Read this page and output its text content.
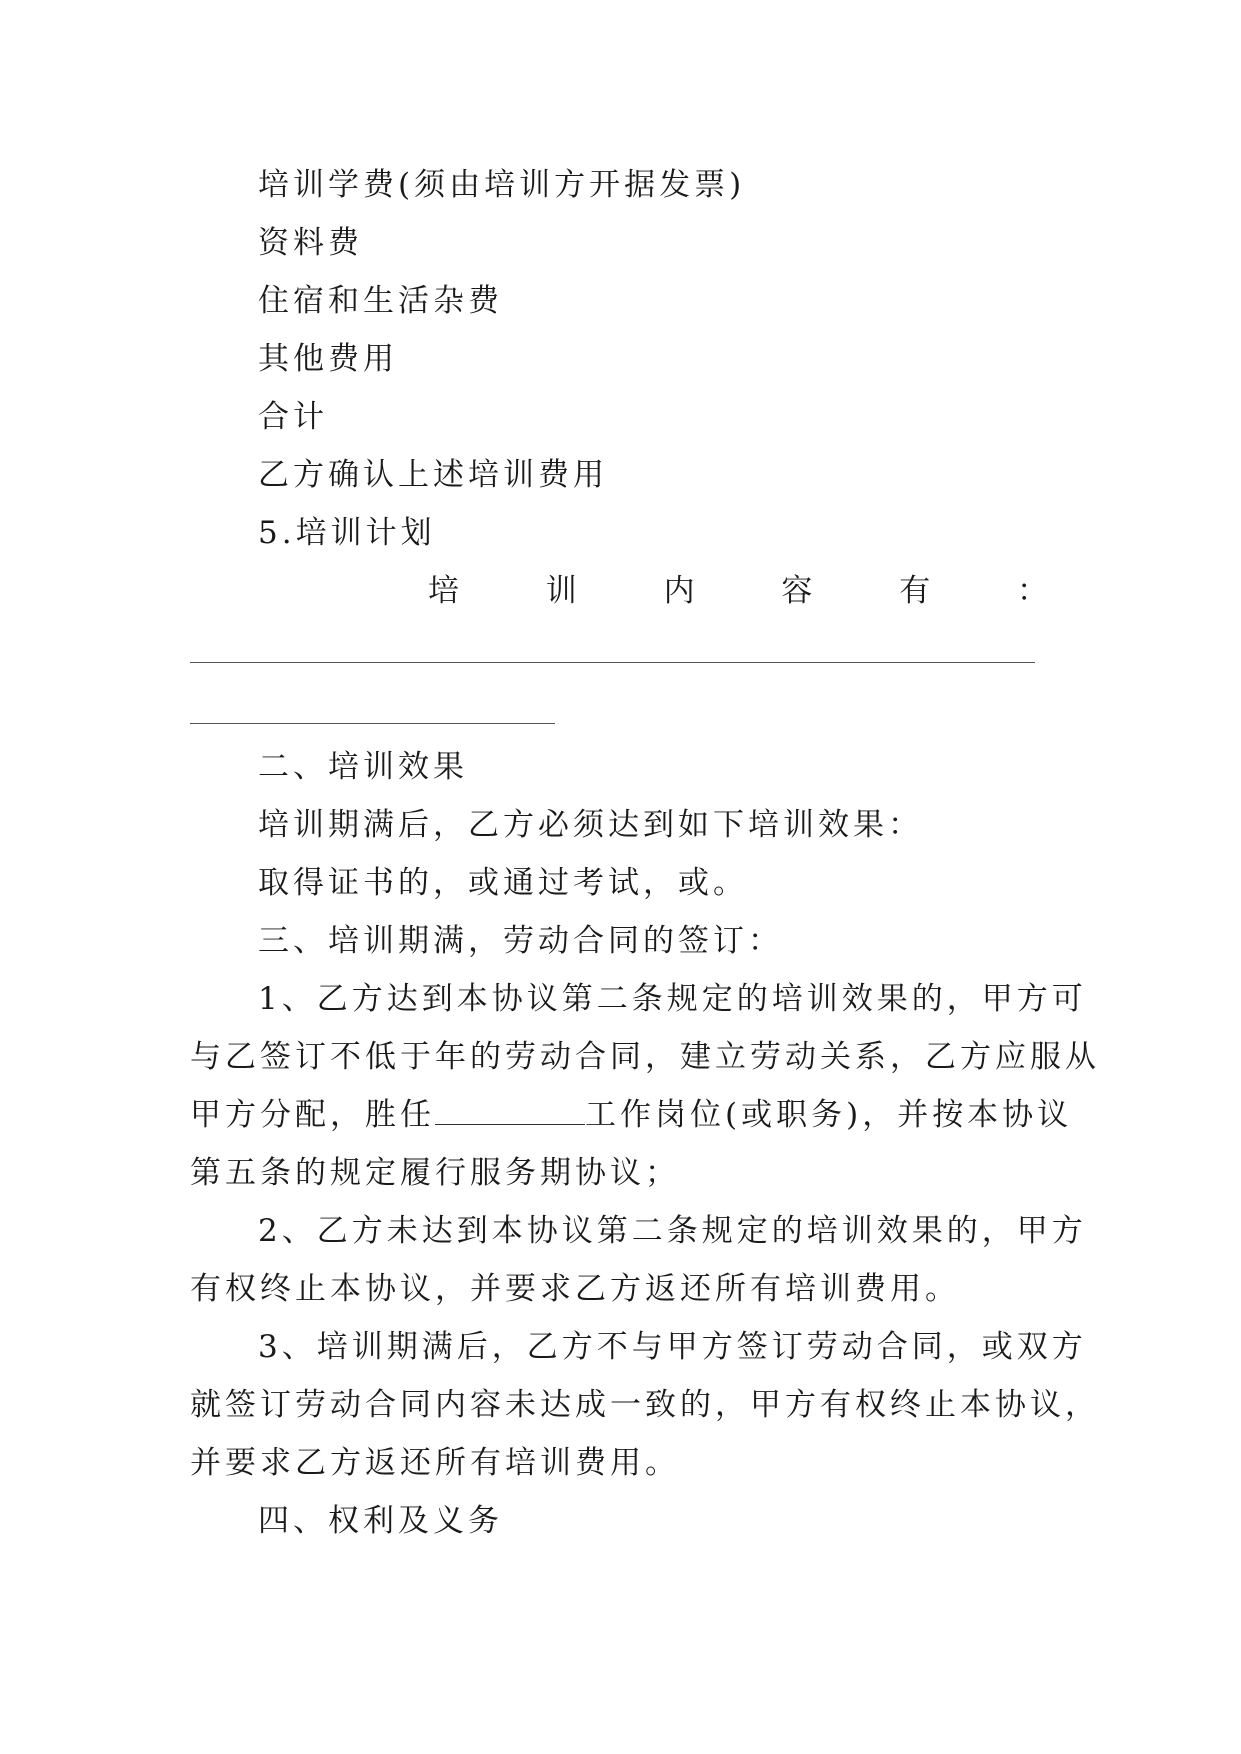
培训学费(须由培训方开据发票)
资料费
住宿和生活杂费
其他费用
合计
乙方确认上述培训费用
5.培训计划
培	训	内	容	有	：
二、培训效果
培训期满后，乙方必须达到如下培训效果：
取得证书的，或通过考试，或。
三、培训期满，劳动合同的签订：
1、乙方达到本协议第二条规定的培训效果的，甲方可
与乙签订不低于年的劳动合同，建立劳动关系，乙方应服从
甲方分配，胜任	工作岗位(或职务)，并按本协议
第五条的规定履行服务期协议；
2、乙方未达到本协议第二条规定的培训效果的，甲方
有权终止本协议，并要求乙方返还所有培训费用。
3、培训期满后，乙方不与甲方签订劳动合同，或双方
就签订劳动合同内容未达成一致的，甲方有权终止本协议，
并要求乙方返还所有培训费用。
四、权利及义务
